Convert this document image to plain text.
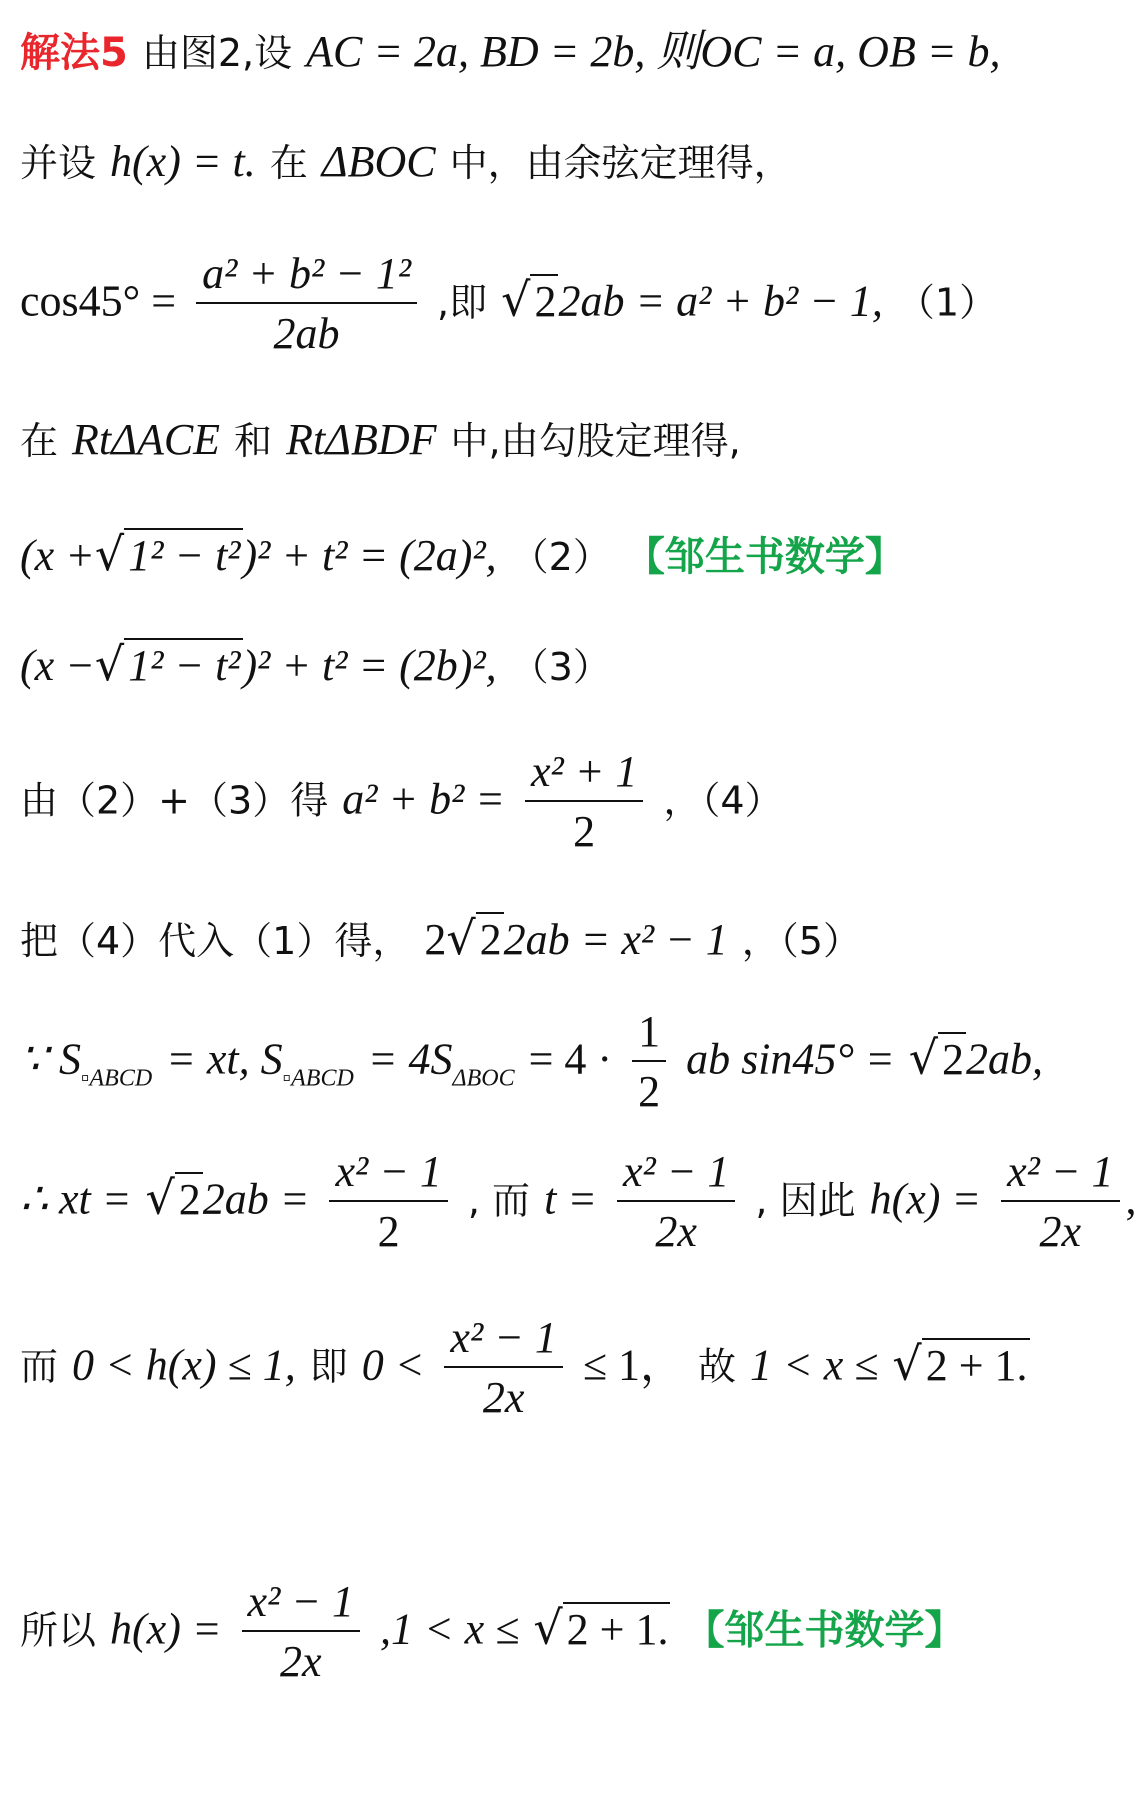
解法5 由图2,设 AC = 2a, BD = 2b, 则OC = a, OB = b,
并设 h(x) = t. 在 ΔBOC 中，由余弦定理得，
$\cos 45^\circ = \frac{\text{a² + b² − 1²}}{2ab}$ ,即 √22ab = a² + b² − 1, （1）
在 RtΔACE 和 RtΔBDF 中,由勾股定理得,
(x +√1² − t²)² + t² = (2a)², （2） 【邹生书数学】
(x −√1² − t²)² + t² = (2b)², （3）
由（2）+（3）得 $a^2 + b^2 = \frac{\text{x² + 1}}{2}$ ，（4）
把（4）代入（1）得， 2√22ab = x² − 1 ，（5）
∵ $S_{▫ABCD}$ = xt, $S_{▫ABCD} = 4S_{\Delta BOC} = 4 \cdot \frac{1}{2}$ ab sin45° = √22ab,
∴ xt = $√22ab = \frac{\text{x² − 1}}{2}$ , 而 $t = \frac{\text{x² − 1}}{2x}$ , 因此 $h(x) = \frac{\text{x² − 1}}{2x}$ ,
而 0 < h(x) ≤ 1, 即 $0 < \frac{\text{x² − 1}}{2x} \le 1$， 故 1 < x ≤ √2 + 1.
所以 $h(x) = \frac{\text{x² − 1}}{2x} ,1 < x \le √2 + 1$. 【邹生书数学】
